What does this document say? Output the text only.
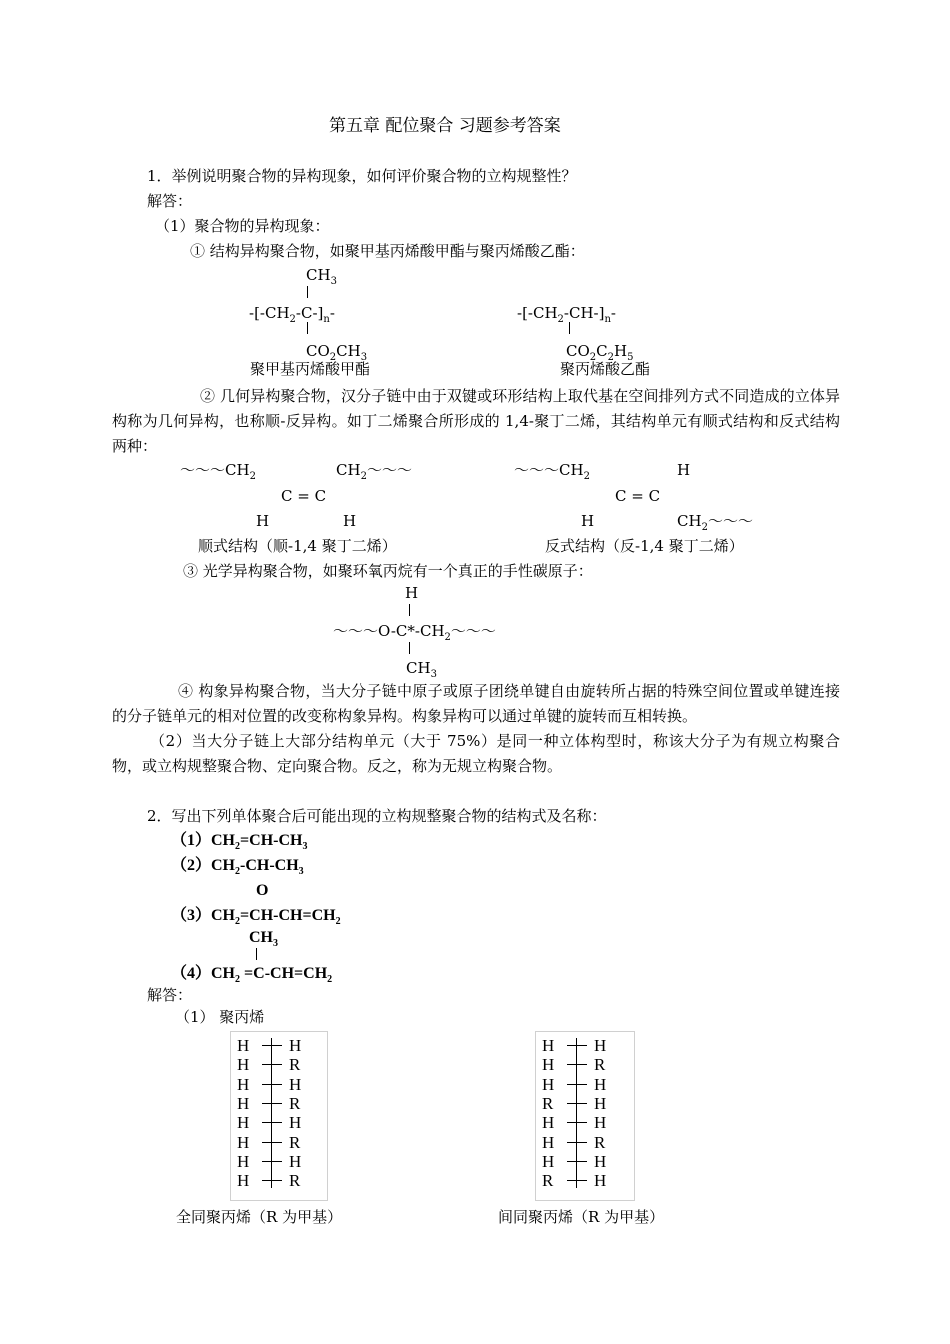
第五章 配位聚合 习题参考答案
1．举例说明聚合物的异构现象，如何评价聚合物的立构规整性？
解答：
（1）聚合物的异构现象：
① 结构异构聚合物，如聚甲基丙烯酸甲酯与聚丙烯酸乙酯：
$CH_3$
$-[-CH_2-C-]_n-$
$CO_2CH_3$
聚甲基丙烯酸甲酯
$-[-CH_2-CH-]_n-$
$CO_2C_2H_5$
聚丙烯酸乙酯
② 几何异构聚合物，汉分子链中由于双键或环形结构上取代基在空间排列方式不同造成的立体异构称为几何异构，也称顺-反异构。如丁二烯聚合所形成的 1,4-聚丁二烯，其结构单元有顺式结构和反式结构两种：
$\sim\sim\sim CH_2$	$CH_2\sim\sim\sim$
C = C
H	H
顺式结构（顺-1,4 聚丁二烯）
$\sim\sim\sim CH_2$	H
C = C
H	$CH_2\sim\sim\sim$
反式结构（反-1,4 聚丁二烯）
③ 光学异构聚合物，如聚环氧丙烷有一个真正的手性碳原子：
H
$\sim\sim\sim O-C*-CH_2\sim\sim\sim$
$CH_3$
④ 构象异构聚合物，当大分子链中原子或原子团绕单键自由旋转所占据的特殊空间位置或单键连接的分子链单元的相对位置的改变称构象异构。构象异构可以通过单键的旋转而互相转换。
（2）当大分子链上大部分结构单元（大于 75%）是同一种立体构型时，称该大分子为有规立构聚合物，或立构规整聚合物、定向聚合物。反之，称为无规立构聚合物。
2．写出下列单体聚合后可能出现的立构规整聚合物的结构式及名称：
$(1)CH_2=CH-CH_3$
$(2)CH_2-CH-CH_3$
O
$(3)CH_2=CH-CH=CH_2$
$CH_3$
$(4)CH_2 =C-CH=CH_2$
解答：
（1） 聚丙烯
H H
H R
H H
H R
H H
H R
H H
H R
全同聚丙烯（R 为甲基）
H H
H R
H H
R H
H H
H R
H H
R H
间同聚丙烯（R 为甲基）
